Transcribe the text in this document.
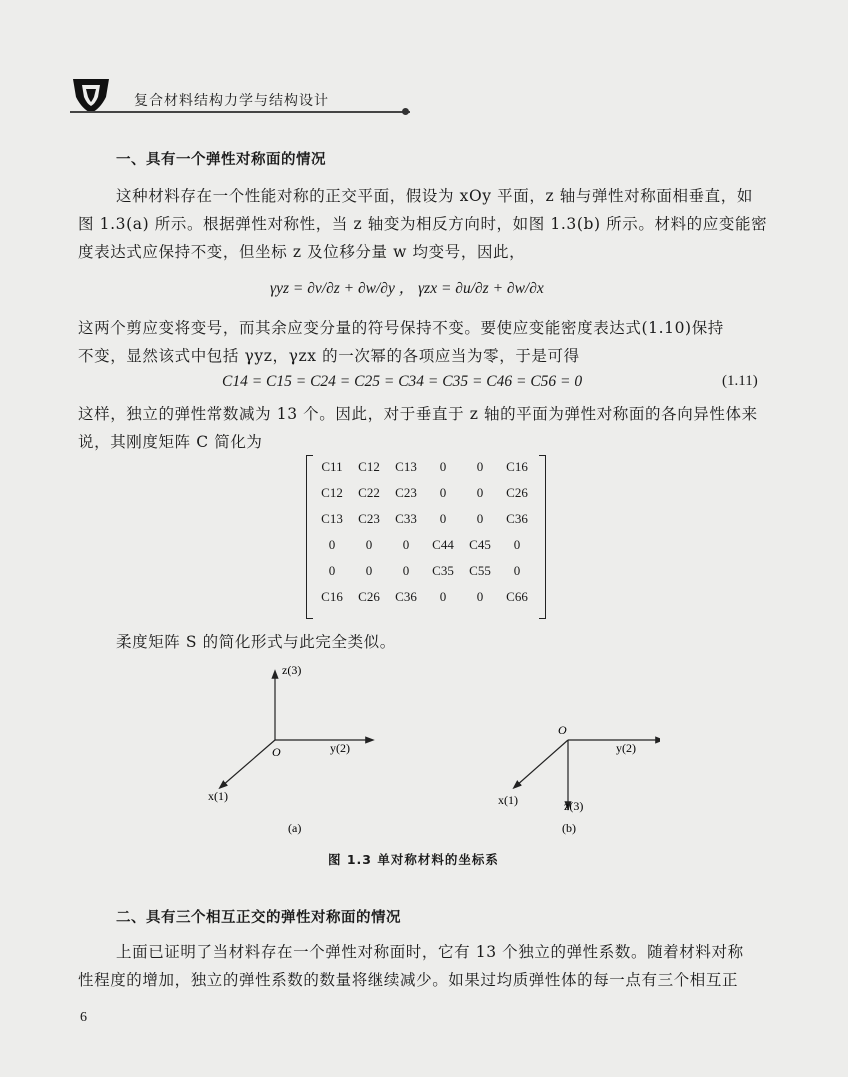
复合材料结构力学与结构设计
一、具有一个弹性对称面的情况
这种材料存在一个性能对称的正交平面，假设为 xOy 平面，z 轴与弹性对称面相垂直，如
图 1.3(a) 所示。根据弹性对称性，当 z 轴变为相反方向时，如图 1.3(b) 所示。材料的应变能密
度表达式应保持不变，但坐标 z 及位移分量 w 均变号，因此，
γyz = ∂v/∂z + ∂w/∂y ， γzx = ∂u/∂z + ∂w/∂x
这两个剪应变将变号，而其余应变分量的符号保持不变。要使应变能密度表达式(1.10)保持
不变，显然该式中包括 γyz，γzx 的一次幂的各项应当为零，于是可得
C14 = C15 = C24 = C25 = C34 = C35 = C46 = C56 = 0	(1.11)
这样，独立的弹性常数减为 13 个。因此，对于垂直于 z 轴的平面为弹性对称面的各向异性体来
说，其刚度矩阵 C 简化为
C11	C12	C13	0	0	C16
C12	C22	C23	0	0	C26
C13	C23	C33	0	0	C36
0	0	0	C44	C45	0
0	0	0	C35	C55	0
C16	C26	C36	0	0	C66
柔度矩阵 S 的简化形式与此完全类似。
z(3)
O	y(2)
x(1)
(a)
O
y(2)
x(1)	z(3)
(b)
图 1.3 单对称材料的坐标系
二、具有三个相互正交的弹性对称面的情况
上面已证明了当材料存在一个弹性对称面时，它有 13 个独立的弹性系数。随着材料对称
性程度的增加，独立的弹性系数的数量将继续减少。如果过均质弹性体的每一点有三个相互正
6
